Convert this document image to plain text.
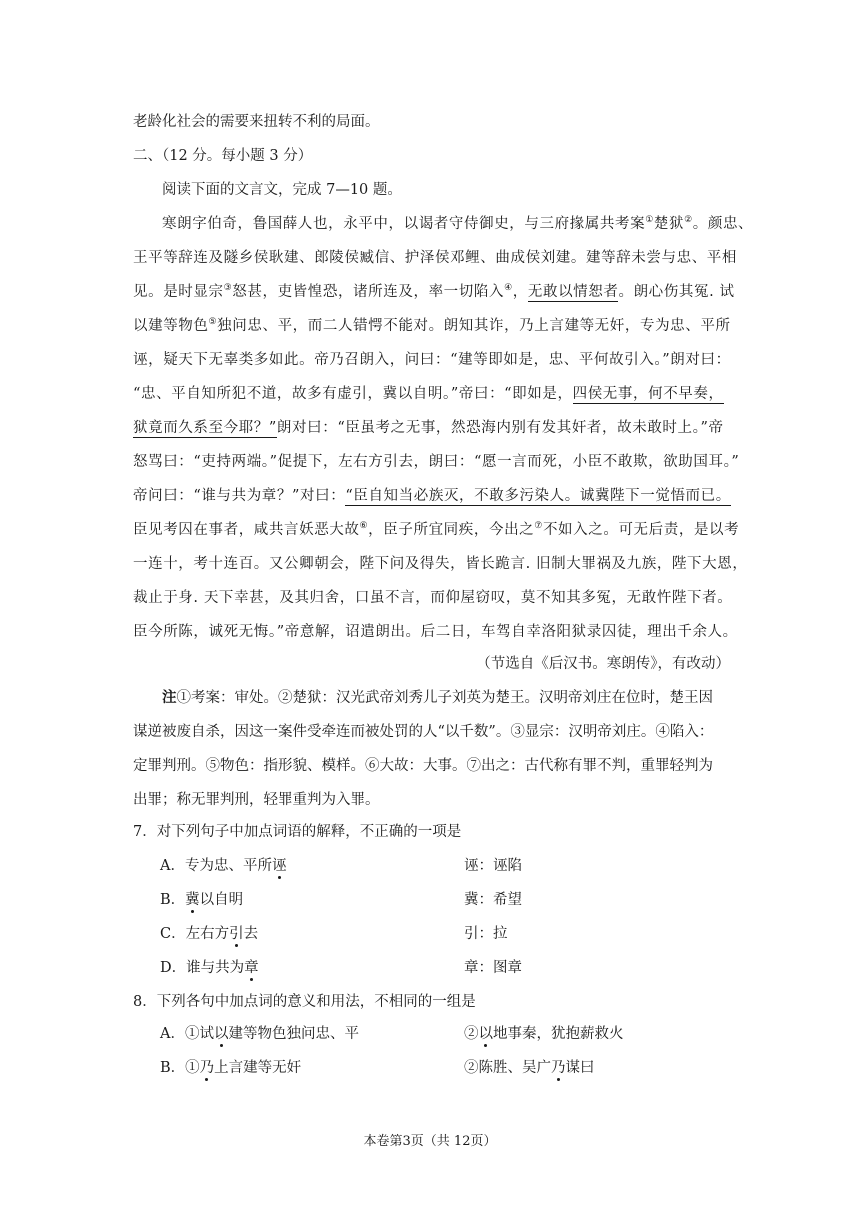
老龄化社会的需要来扭转不利的局面。
二、（12 分。每小题 3 分）
阅读下面的文言文，完成 7—10 题。
寒朗字伯奇，鲁国薛人也，永平中，以谒者守侍御史，与三府掾属共考案①楚狱②。颜忠、
王平等辞连及隧乡侯耿建、郎陵侯臧信、护泽侯邓鲤、曲成侯刘建。建等辞未尝与忠、平相
见。是时显宗③怒甚，吏皆惶恐，诸所连及，率一切陷入④，无敢以情恕者。朗心伤其冤. 试
以建等物色⑤独问忠、平，而二人错愕不能对。朗知其诈，乃上言建等无奸，专为忠、平所
诬，疑天下无辜类多如此。帝乃召朗入，问曰：“建等即如是，忠、平何故引入。”朗对曰：
“忠、平自知所犯不道，故多有虚引，冀以自明。”帝曰：“即如是，四侯无事，何不早奏，
狱竟而久系至今耶？”朗对曰：“臣虽考之无事，然恐海内别有发其奸者，故未敢时上。”帝
怒骂曰：“吏持两端。”促提下，左右方引去，朗曰：“愿一言而死，小臣不敢欺，欲助国耳。”
帝问曰：“谁与共为章？”对曰：“臣自知当必族灭，不敢多污染人。诚冀陛下一觉悟而已。
臣见考囚在事者，咸共言妖恶大故⑥，臣子所宜同疾，今出之⑦不如入之。可无后责，是以考
一连十，考十连百。又公卿朝会，陛下问及得失，皆长跪言. 旧制大罪祸及九族，陛下大恩，
裁止于身. 天下幸甚，及其归舍，口虽不言，而仰屋窃叹，莫不知其多冤，无敢忤陛下者。
臣今所陈，诚死无悔。”帝意解，诏遣朗出。后二日，车驾自幸洛阳狱录囚徒，理出千余人。
（节选自《后汉书。寒朗传》，有改动）
注①考案：审处。②楚狱：汉光武帝刘秀儿子刘英为楚王。汉明帝刘庄在位时，楚王因
谋逆被废自杀，因这一案件受牵连而被处罚的人“以千数”。③显宗：汉明帝刘庄。④陷入：
定罪判刑。⑤物色：指形貌、模样。⑥大故：大事。⑦出之：古代称有罪不判，重罪轻判为
出罪；称无罪判刑，轻罪重判为入罪。
7．对下列句子中加点词语的解释，不正确的一项是
A．专为忠、平所诬	诬：诬陷
B．冀以自明	冀：希望
C．左右方引去	引：拉
D．谁与共为章	章：图章
8．下列各句中加点词的意义和用法，不相同的一组是
A．①试以建等物色独问忠、平	②以地事秦，犹抱薪救火
B．①乃上言建等无奸	②陈胜、吴广乃谋曰
本卷第3页（共 12页）
